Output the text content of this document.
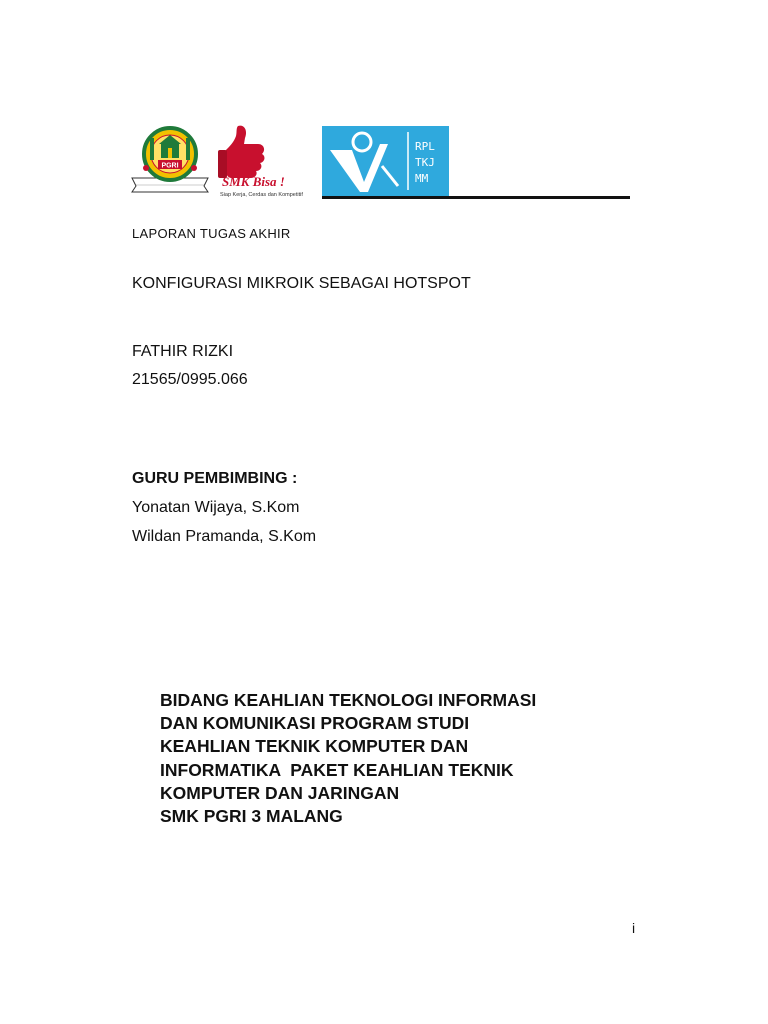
PGRI
SMK Bisa !
Siap Kerja, Cerdas dan Kompetitif
RPL
TKJ
MM
LAPORAN TUGAS AKHIR
KONFIGURASI MIKROIK SEBAGAI HOTSPOT
FATHIR RIZKI
21565/0995.066
GURU PEMBIMBING :
Yonatan Wijaya, S.Kom
Wildan Pramanda, S.Kom
BIDANG KEAHLIAN TEKNOLOGI INFORMASI
DAN KOMUNIKASI PROGRAM STUDI
KEAHLIAN TEKNIK KOMPUTER DAN
INFORMATIKA  PAKET KEAHLIAN TEKNIK
KOMPUTER DAN JARINGAN
SMK PGRI 3 MALANG
i
